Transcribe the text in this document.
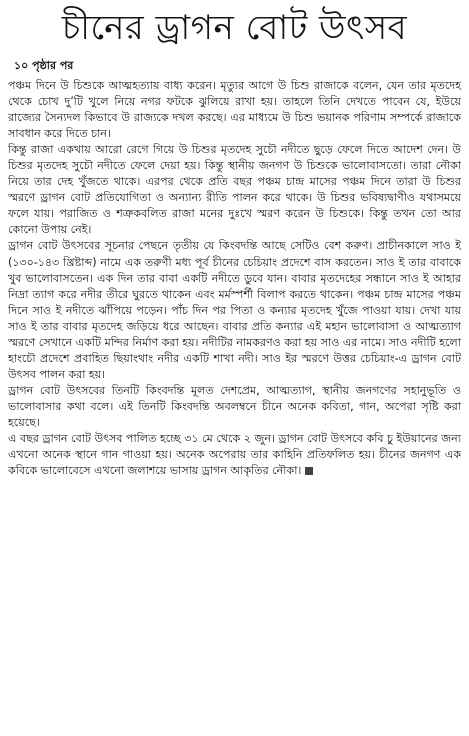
চীনের ড্রাগন বোট উৎসব
১০ পৃষ্ঠার পর

পঞ্চম দিনে উ চিশুকে আত্মহত্যায় বাধ্য করেন। মৃত্যুর আগে উ চিশু রাজাকে বলেন, যেন তার মৃতদেহ থেকে চোখ দু’টি খুলে নিয়ে নগর ফটকে ঝুলিয়ে রাখা হয়। তাহলে তিনি দেখতে পাবেন যে, ইউয়ে রাজ্যের সৈন্যদল কিভাবে উ রাজ্যকে দখল করছে। এর মাধ্যমে উ চিশু ভয়ানক পরিণাম সম্পর্কে রাজাকে সাবধান করে দিতে চান।

কিন্তু রাজা একথায় আরো রেগে গিয়ে উ চিশুর মৃতদেহ সুচৌ নদীতে ছুড়ে ফেলে দিতে আদেশ দেন। উ চিশুর মৃতদেহ সুচৌ নদীতে ফেলে দেয়া হয়। কিন্তু স্থানীয় জনগণ উ চিশুকে ভালোবাসতো। তারা নৌকা নিয়ে তার দেহ খুঁজতে থাকে। এরপর থেকে প্রতি বছর পঞ্চম চান্দ্র মাসের পঞ্চম দিনে তারা উ চিশুর স্মরণে ড্রাগন বোট প্রতিযোগিতা ও অন্যান্য রীতি পালন করে থাকে। উ চিশুর ভবিষ্যদ্বাণীও যথাসময়ে ফলে যায়। পরাজিত ও শত্রুকবলিত রাজা মনের দুঃখে স্মরণ করেন উ চিশুকে। কিন্তু তখন তো আর কোনো উপায় নেই।

ড্রাগন বোট উৎসবের সূচনার পেছনে তৃতীয় যে কিংবদন্তি আছে সেটিও বেশ করুণ। প্রাচীনকালে সাও ই (১৩০-১৪৩ খ্রিষ্টাব্দ) নামে এক তরুণী মধ্য পূর্ব চীনের চেচিয়াং প্রদেশে বাস করতেন। সাও ই তার বাবাকে খুব ভালোবাসতেন। এক দিন তার বাবা একটি নদীতে ডুবে যান। বাবার মৃতদেহের সন্ধানে সাও ই আহার নিদ্রা ত্যাগ করে নদীর তীরে ঘুরতে থাকেন এবং মর্মস্পর্শী বিলাপ করতে থাকেন। পঞ্চম চান্দ্র মাসের পঞ্চম দিনে সাও ই নদীতে ঝাঁপিয়ে পড়েন। পাঁচ দিন পর পিতা ও কন্যার মৃতদেহ খুঁজে পাওয়া যায়। দেখা যায় সাও ই তার বাবার মৃতদেহ জড়িয়ে ধরে আছেন। বাবার প্রতি কন্যার এই মহান ভালোবাসা ও আত্মত্যাগ স্মরণে সেখানে একটি মন্দির নির্মাণ করা হয়। নদীটির নামকরণও করা হয় সাও এর নামে। সাও নদীটি হলো হাংচৌ প্রদেশে প্রবাহিত ছিয়াংথাং নদীর একটি শাখা নদী। সাও ইর স্মরণে উত্তর চেচিয়াং-এ ড্রাগন বোট উৎসব পালন করা হয়।

ড্রাগন বোট উৎসবের তিনটি কিংবদন্তি মূলত দেশপ্রেম, আত্মত্যাগ, স্থানীয় জনগণের সহানুভূতি ও ভালোবাসার কথা বলে। এই তিনটি কিংবদন্তি অবলম্বনে চীনে অনেক কবিতা, গান, অপেরা সৃষ্টি করা হয়েছে।

এ বছর ড্রাগন বোট উৎসব পালিত হচ্ছে ৩১ মে থেকে ২ জুন। ড্রাগন বোট উৎসবে কবি চু ইউয়ানের জন্য এখনো অনেক স্থানে গান গাওয়া হয়। অনেক অপেরায় তার কাহিনি প্রতিফলিত হয়। চীনের জনগণ এক কবিকে ভালোবেসে এখনো জলাশয়ে ভাসায় ড্রাগন আকৃতির নৌকা।
